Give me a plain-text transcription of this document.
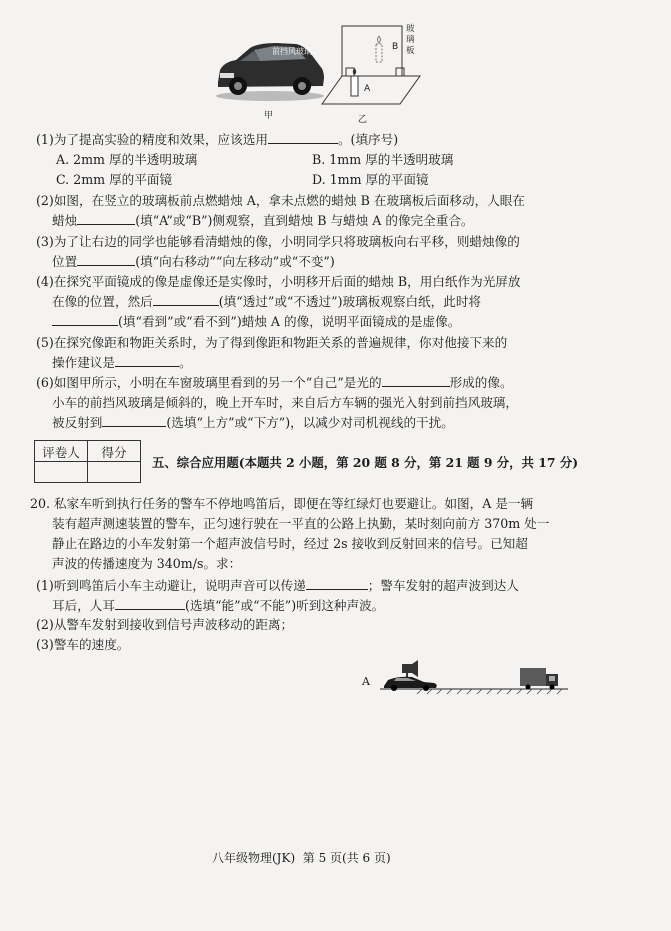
前挡风玻璃
甲
玻
璃
板
B
A
乙
(1)为了提高实验的精度和效果，应该选用	。(填序号)
A. 2mm 厚的半透明玻璃	B. 1mm 厚的半透明玻璃
C. 2mm 厚的平面镜	D. 1mm 厚的平面镜
(2)如图，在竖立的玻璃板前点燃蜡烛 A，拿未点燃的蜡烛 B 在玻璃板后面移动，人眼在
蜡烛	(填“A”或“B”)侧观察，直到蜡烛 B 与蜡烛 A 的像完全重合。
(3)为了让右边的同学也能够看清蜡烛的像，小明同学只将玻璃板向右平移，则蜡烛像的
位置	(填“向右移动”“向左移动”或“不变”)
(4)在探究平面镜成的像是虚像还是实像时，小明移开后面的蜡烛 B，用白纸作为光屏放
在像的位置，然后	(填“透过”或“不透过”)玻璃板观察白纸，此时将
(填“看到”或“看不到”)蜡烛 A 的像，说明平面镜成的是虚像。
(5)在探究像距和物距关系时，为了得到像距和物距关系的普遍规律，你对他接下来的
操作建议是	。
(6)如图甲所示，小明在车窗玻璃里看到的另一个“自己”是光的	形成的像。
小车的前挡风玻璃是倾斜的，晚上开车时，来自后方车辆的强光入射到前挡风玻璃，
被反射到	(选填“上方”或“下方”)，以减少对司机视线的干扰。
评卷人	得分

五、综合应用题(本题共 2 小题，第 20 题 8 分，第 21 题 9 分，共 17 分)
20. 私家车听到执行任务的警车不停地鸣笛后，即便在等红绿灯也要避让。如图，A 是一辆
装有超声测速装置的警车，正匀速行驶在一平直的公路上执勤，某时刻向前方 370m 处一
静止在路边的小车发射第一个超声波信号时，经过 2s 接收到反射回来的信号。已知超
声波的传播速度为 340m/s。求：
(1)听到鸣笛后小车主动避让，说明声音可以传递	；警车发射的超声波到达人
耳后，人耳	(选填“能”或“不能”)听到这种声波。
(2)从警车发射到接收到信号声波移动的距离；
(3)警车的速度。
A
八年级物理(JK)  第 5 页(共 6 页)
